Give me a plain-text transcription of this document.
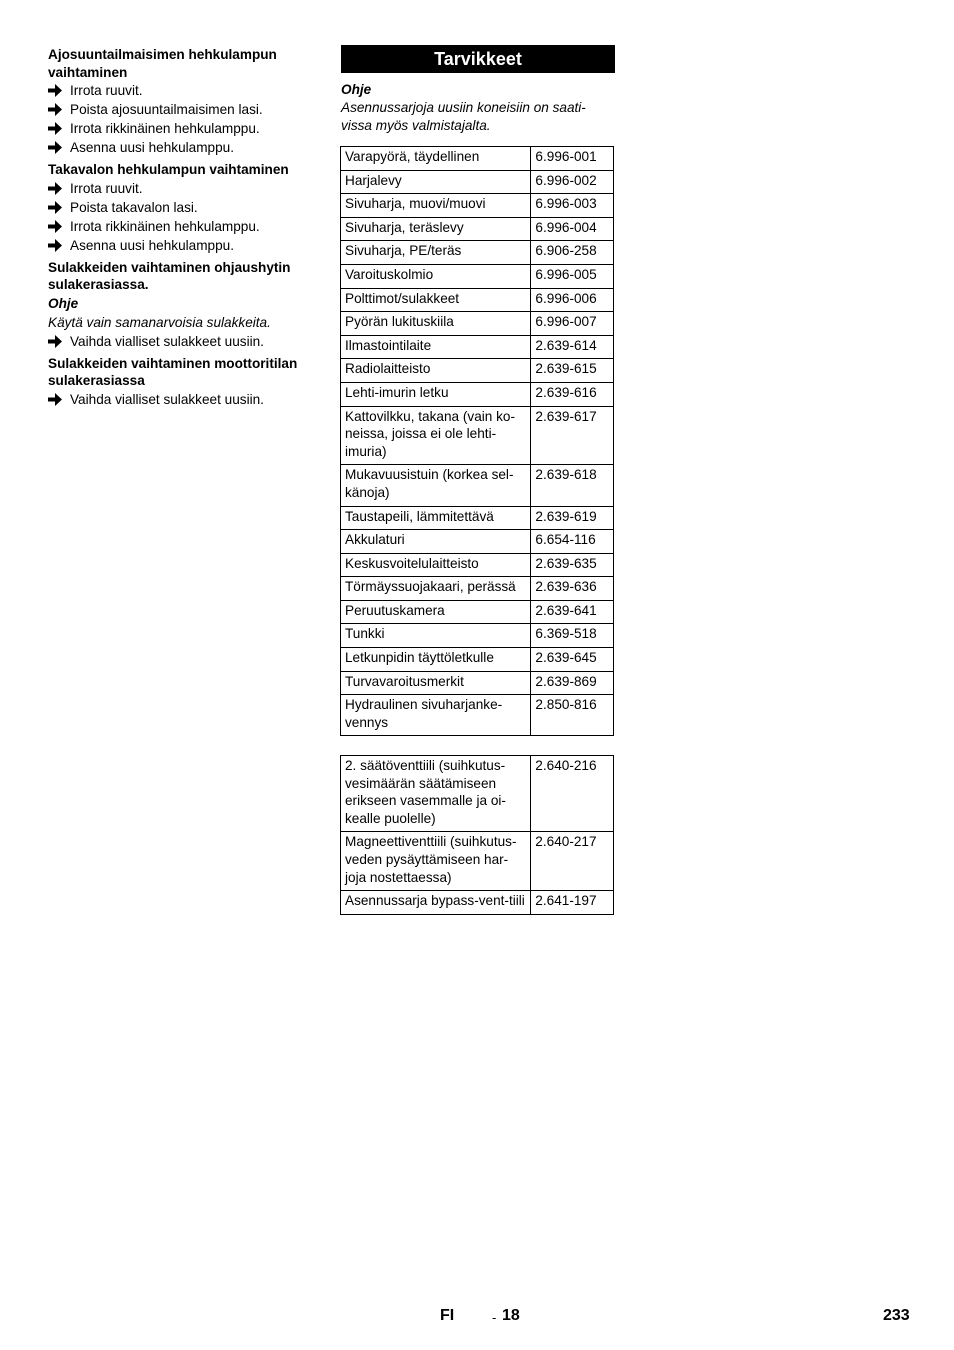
Ajosuuntailmaisimen hehkulampun vaihtaminen
Irrota ruuvit.
Poista ajosuuntailmaisimen lasi.
Irrota rikkinäinen hehkulamppu.
Asenna uusi hehkulamppu.
Takavalon hehkulampun vaihtaminen
Irrota ruuvit.
Poista takavalon lasi.
Irrota rikkinäinen hehkulamppu.
Asenna uusi hehkulamppu.
Sulakkeiden vaihtaminen ohjaushytin sulakerasiassa.
Ohje
Käytä vain samanarvoisia sulakkeita.
Vaihda vialliset sulakkeet uusiin.
Sulakkeiden vaihtaminen moottoritilan sulakerasiassa
Vaihda vialliset sulakkeet uusiin.
Tarvikkeet
Ohje
Asennussarjoja uusiin koneisiin on saati-vissa myös valmistajalta.
Varapyörä, täydellinen	6.996-001
Harjalevy	6.996-002
Sivuharja, muovi/muovi	6.996-003
Sivuharja, teräslevy	6.996-004
Sivuharja, PE/teräs	6.906-258
Varoituskolmio	6.996-005
Polttimot/sulakkeet	6.996-006
Pyörän lukituskiila	6.996-007
Ilmastointilaite	2.639-614
Radiolaitteisto	2.639-615
Lehti-imurin letku	2.639-616
Kattovilkku, takana (vain ko-neissa, joissa ei ole lehti-imuria)	2.639-617
Mukavuusistuin (korkea sel-känoja)	2.639-618
Taustapeili, lämmitettävä	2.639-619
Akkulaturi	6.654-116
Keskusvoitelulaitteisto	2.639-635
Törmäyssuojakaari, perässä	2.639-636
Peruutuskamera	2.639-641
Tunkki	6.369-518
Letkunpidin täyttöletkulle	2.639-645
Turvavaroitusmerkit	2.639-869
Hydraulinen sivuharjanke-vennys	2.850-816
2. säätöventtiili (suihkutus-vesimäärän säätämiseen erikseen vasemmalle ja oi-kealle puolelle)	2.640-216
Magneettiventtiili (suihkutus-veden pysäyttämiseen har-joja nostettaessa)	2.640-217
Asennussarja bypass-vent-tiili	2.641-197
FI	- 18	233
